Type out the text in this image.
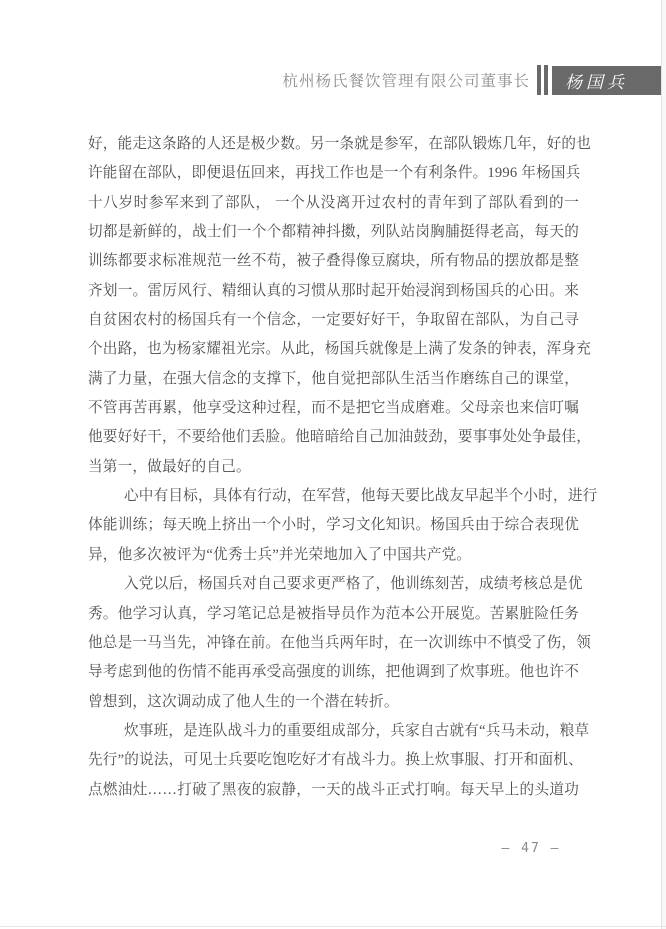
杭州杨氏餐饮管理有限公司董事长	杨国兵
好，能走这条路的人还是极少数。另一条就是参军，在部队锻炼几年，好的也
许能留在部队，即便退伍回来，再找工作也是一个有利条件。1996 年杨国兵
十八岁时参军来到了部队， 一个从没离开过农村的青年到了部队看到的一
切都是新鲜的，战士们一个个都精神抖擞，列队站岗胸脯挺得老高，每天的
训练都要求标准规范一丝不苟，被子叠得像豆腐块，所有物品的摆放都是整
齐划一。雷厉风行、精细认真的习惯从那时起开始浸润到杨国兵的心田。来
自贫困农村的杨国兵有一个信念，一定要好好干，争取留在部队，为自己寻
个出路，也为杨家耀祖光宗。从此，杨国兵就像是上满了发条的钟表，浑身充
满了力量，在强大信念的支撑下，他自觉把部队生活当作磨练自己的课堂，
不管再苦再累，他享受这种过程，而不是把它当成磨难。父母亲也来信叮嘱
他要好好干，不要给他们丢脸。他暗暗给自己加油鼓劲，要事事处处争最佳，
当第一，做最好的自己。
心中有目标，具体有行动，在军营，他每天要比战友早起半个小时，进行
体能训练；每天晚上挤出一个小时，学习文化知识。杨国兵由于综合表现优
异，他多次被评为“优秀士兵”并光荣地加入了中国共产党。
入党以后，杨国兵对自己要求更严格了，他训练刻苦，成绩考核总是优
秀。他学习认真，学习笔记总是被指导员作为范本公开展览。苦累脏险任务
他总是一马当先，冲锋在前。在他当兵两年时，在一次训练中不慎受了伤，领
导考虑到他的伤情不能再承受高强度的训练，把他调到了炊事班。他也许不
曾想到，这次调动成了他人生的一个潜在转折。
炊事班，是连队战斗力的重要组成部分，兵家自古就有“兵马未动，粮草
先行”的说法，可见士兵要吃饱吃好才有战斗力。换上炊事服、打开和面机、
点燃油灶……打破了黑夜的寂静，一天的战斗正式打响。每天早上的头道功
— 47 —
